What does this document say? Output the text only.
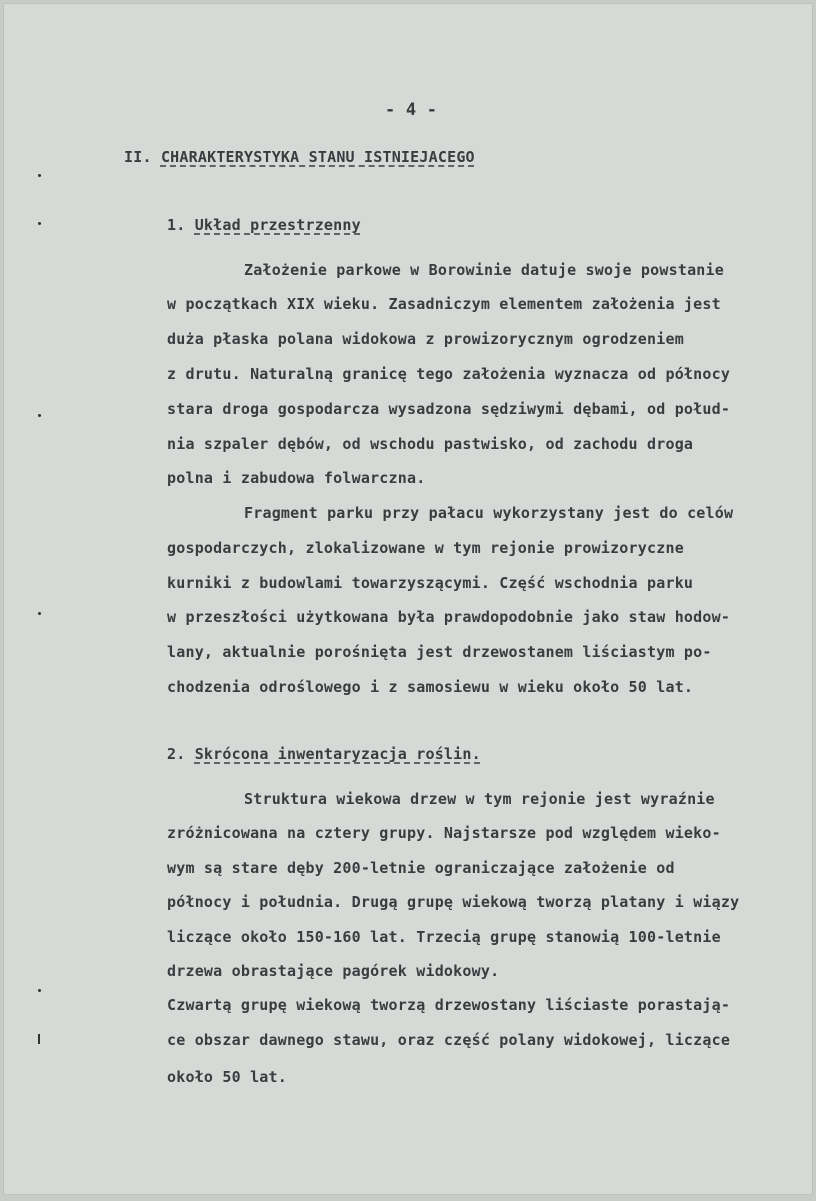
- 4 -
II. CHARAKTERYSTYKA STANU ISTNIEJACEGO
1. Układ przestrzenny
Założenie parkowe w Borowinie datuje swoje powstanie
w początkach XIX wieku. Zasadniczym elementem założenia jest
duża płaska polana widokowa z prowizorycznym ogrodzeniem
z drutu. Naturalną granicę tego założenia wyznacza od północy
stara droga gospodarcza wysadzona sędziwymi dębami, od połud-
nia szpaler dębów, od wschodu pastwisko, od zachodu droga
polna i zabudowa folwarczna.
Fragment parku przy pałacu wykorzystany jest do celów
gospodarczych, zlokalizowane w tym rejonie prowizoryczne
kurniki z budowlami towarzyszącymi. Część wschodnia parku
w przeszłości użytkowana była prawdopodobnie jako staw hodow-
lany, aktualnie porośnięta jest drzewostanem liściastym po-
chodzenia odroślowego i z samosiewu w wieku około 50 lat.
2. Skrócona inwentaryzacja roślin.
Struktura wiekowa drzew w tym rejonie jest wyraźnie
zróżnicowana na cztery grupy. Najstarsze pod względem wieko-
wym są stare dęby 200-letnie ograniczające założenie od
północy i południa. Drugą grupę wiekową tworzą platany i wiązy
liczące około 150-160 lat. Trzecią grupę stanowią 100-letnie
drzewa obrastające pagórek widokowy.
Czwartą grupę wiekową tworzą drzewostany liściaste porastają-
ce obszar dawnego stawu, oraz część polany widokowej, liczące
około 50 lat.
